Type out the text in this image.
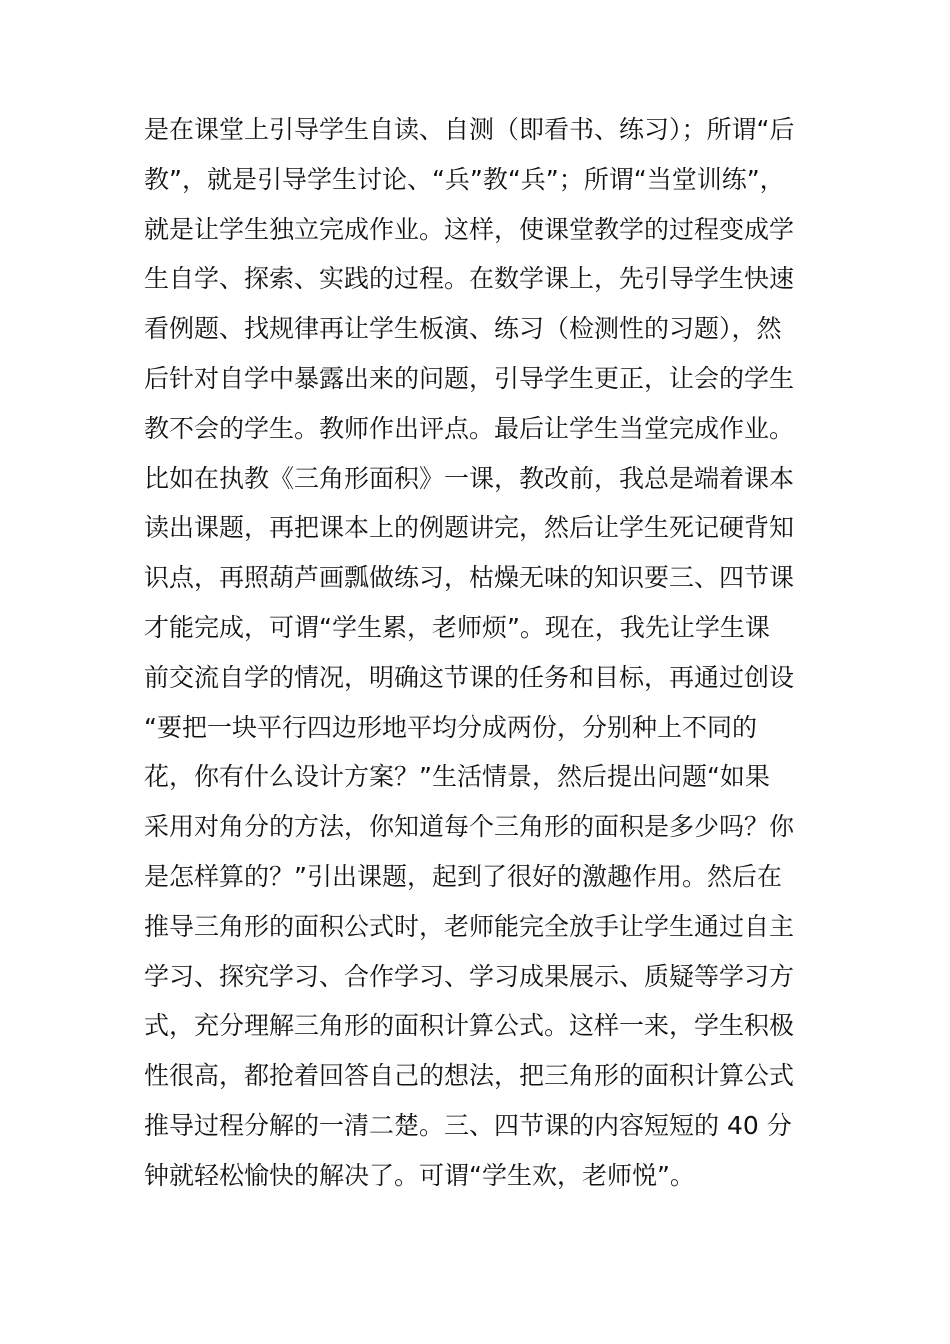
是在课堂上引导学生自读、自测（即看书、练习）；所谓“后
教”，就是引导学生讨论、“兵”教“兵”；所谓“当堂训练”，
就是让学生独立完成作业。这样，使课堂教学的过程变成学
生自学、探索、实践的过程。在数学课上，先引导学生快速
看例题、找规律再让学生板演、练习（检测性的习题），然
后针对自学中暴露出来的问题，引导学生更正，让会的学生
教不会的学生。教师作出评点。最后让学生当堂完成作业。
比如在执教《三角形面积》一课，教改前，我总是端着课本
读出课题，再把课本上的例题讲完，然后让学生死记硬背知
识点，再照葫芦画瓢做练习，枯燥无味的知识要三、四节课
才能完成，可谓“学生累，老师烦”。现在，我先让学生课
前交流自学的情况，明确这节课的任务和目标，再通过创设
“要把一块平行四边形地平均分成两份，分别种上不同的
花，你有什么设计方案？”生活情景，然后提出问题“如果
采用对角分的方法，你知道每个三角形的面积是多少吗？你
是怎样算的？”引出课题，起到了很好的激趣作用。然后在
推导三角形的面积公式时，老师能完全放手让学生通过自主
学习、探究学习、合作学习、学习成果展示、质疑等学习方
式，充分理解三角形的面积计算公式。这样一来，学生积极
性很高，都抢着回答自己的想法，把三角形的面积计算公式
推导过程分解的一清二楚。三、四节课的内容短短的 40 分
钟就轻松愉快的解决了。可谓“学生欢，老师悦”。
